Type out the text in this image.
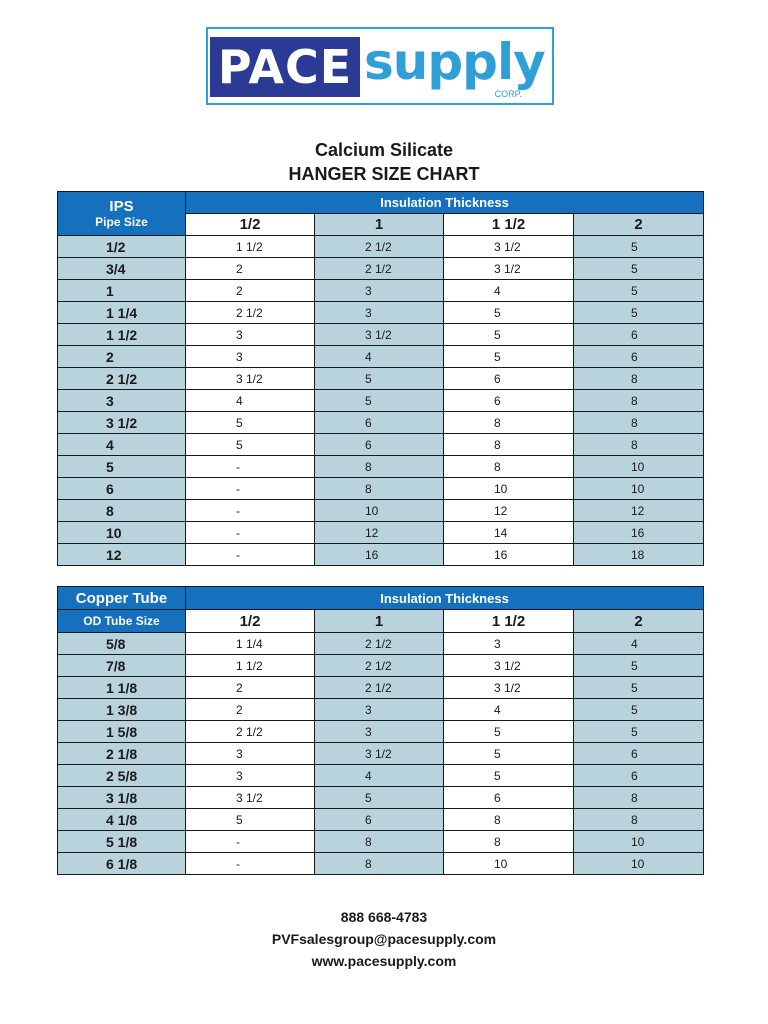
PACE supply
CORP.
Calcium Silicate
HANGER SIZE CHART
IPS
Pipe Size	Insulation Thickness			
	1/2	1	1 1/2	2
1/2	1 1/2	2 1/2	3 1/2	5
3/4	2	2 1/2	3 1/2	5
1	2	3	4	5
1 1/4	2 1/2	3	5	5
1 1/2	3	3 1/2	5	6
2	3	4	5	6
2 1/2	3 1/2	5	6	8
3	4	5	6	8
3 1/2	5	6	8	8
4	5	6	8	8
5	-	8	8	10
6	-	8	10	10
8	-	10	12	12
10	-	12	14	16
12	-	16	16	18
Copper Tube	Insulation Thickness			

OD Tube Size	1/2	1	1 1/2	2
5/8	1 1/4	2 1/2	3	4
7/8	1 1/2	2 1/2	3 1/2	5
1 1/8	2	2 1/2	3 1/2	5
1 3/8	2	3	4	5
1 5/8	2 1/2	3	5	5
2 1/8	3	3 1/2	5	6
2 5/8	3	4	5	6
3 1/8	3 1/2	5	6	8
4 1/8	5	6	8	8
5 1/8	-	8	8	10
6 1/8	-	8	10	10
888 668-4783
PVFsalesgroup@pacesupply.com
www.pacesupply.com
